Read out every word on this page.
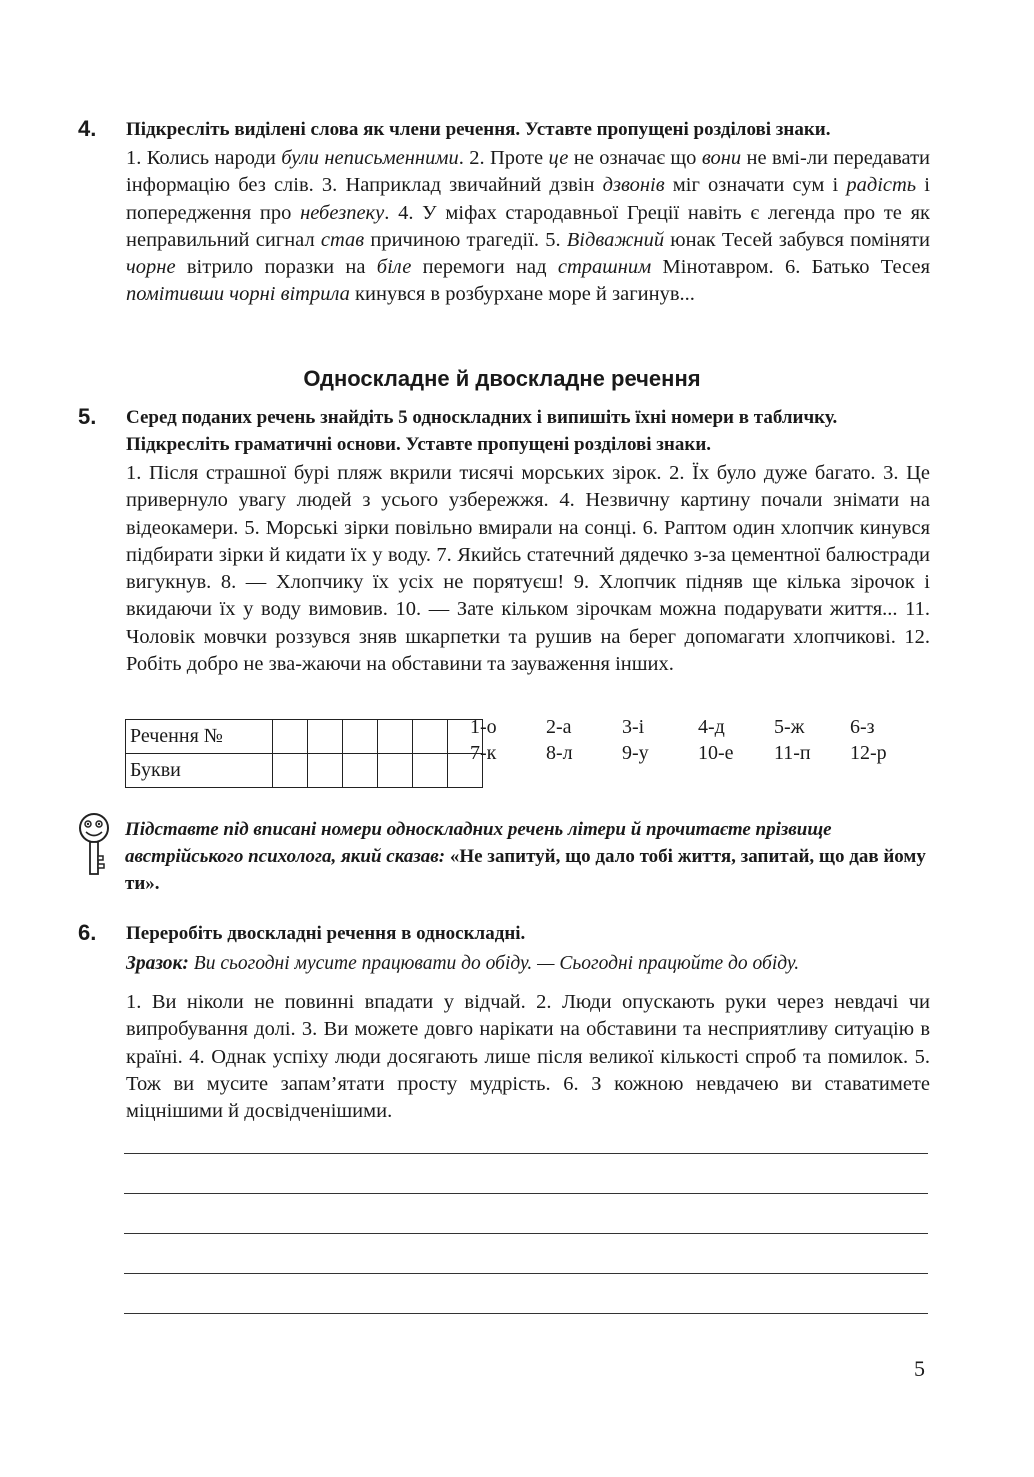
4. Підкресліть виділені слова як члени речення. Уставте пропущені розділові знаки.
1. Колись народи були неписьменними. 2. Проте це не означає що вони не вмі-ли передавати інформацію без слів. 3. Наприклад звичайний дзвін дзвонів міг означати сум і радість і попередження про небезпеку. 4. У міфах стародавньої Греції навіть є легенда про те як неправильний сигнал став причиною трагедії. 5. Відважний юнак Тесей забувся поміняти чорне вітрило поразки на біле перемоги над страшним Мінотавром. 6. Батько Тесея помітивши чорні вітрила кинувся в розбурхане море й загинув...
Односкладне й двоскладне речення
5. Серед поданих речень знайдіть 5 односкладних і випишіть їхні номери в табличку. Підкресліть граматичні основи. Уставте пропущені розділові знаки.
1. Після страшної бурі пляж вкрили тисячі морських зірок. 2. Їх було дуже багато. 3. Це привернуло увагу людей з усього узбережжя. 4. Незвичну картину почали знімати на відеокамери. 5. Морські зірки повільно вмирали на сонці. 6. Раптом один хлопчик кинувся підбирати зірки й кидати їх у воду. 7. Якийсь статечний дядечко з-за цементної балюстради вигукнув. 8. — Хлопчику їх усіх не порятуєш! 9. Хлопчик підняв ще кілька зірочок і вкидаючи їх у воду вимовив. 10. — Зате кільком зірочкам можна подарувати життя... 11. Чоловік мовчки роззувся зняв шкарпетки та рушив на берег допомагати хлопчикові. 12. Робіть добро не зва-жаючи на обставини та зауваження інших.
Речення №						
Букви						
1-о	2-а	3-і	4-д	5-ж	6-з
7-к	8-л	9-у	10-е	11-п	12-р
Підставте під вписані номери односкладних речень літери й прочитаєте прізвище австрійського психолога, який сказав: «Не запитуй, що дало тобі життя, запитай, що дав йому ти».
6. Переробіть двоскладні речення в односкладні.
Зразок: Ви сьогодні мусите працювати до обіду. — Сьогодні працюйте до обіду.
1. Ви ніколи не повинні впадати у відчай. 2. Люди опускають руки через невдачі чи випробування долі. 3. Ви можете довго нарікати на обставини та несприятливу ситуацію в країні. 4. Однак успіху люди досягають лише після великої кількості спроб та помилок. 5. Тож ви мусите запам’ятати просту мудрість. 6. З кожною невдачею ви ставатимете міцнішими й досвідченішими.
5
